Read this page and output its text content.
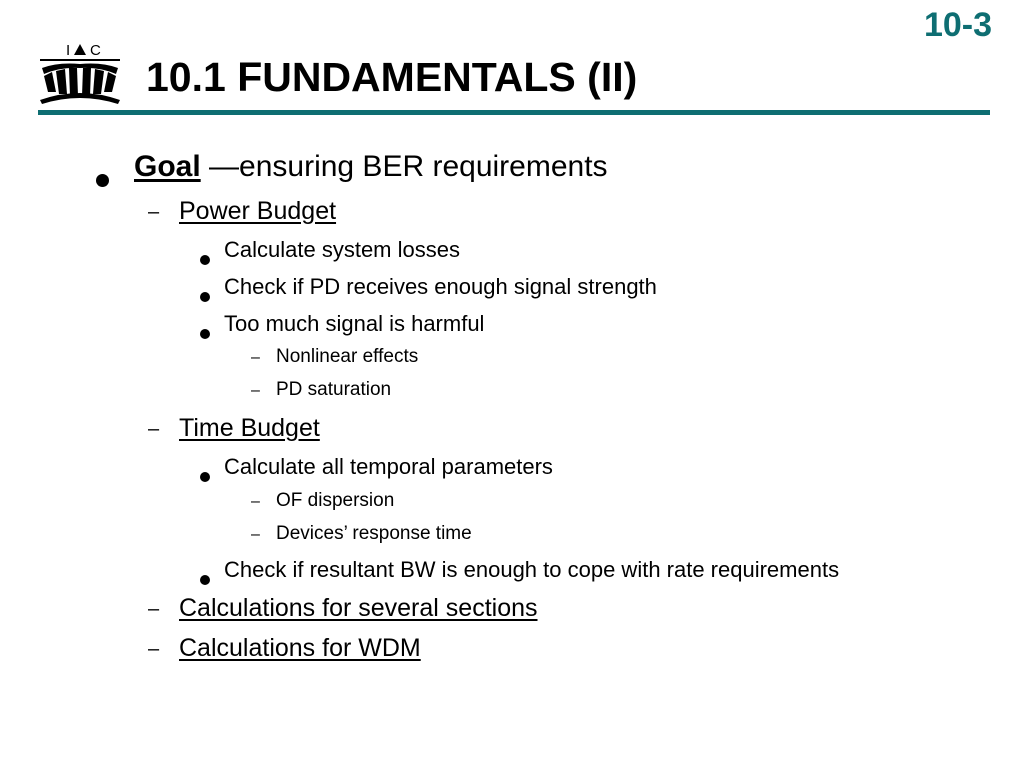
10-3
I C
10.1 FUNDAMENTALS (II)
Goal —ensuring BER requirements
– Power Budget
Calculate system losses
Check if PD receives enough signal strength
Too much signal is harmful
– Nonlinear effects
– PD saturation
– Time Budget
Calculate all temporal parameters
– OF dispersion
– Devices’ response time
Check if resultant BW is enough to cope with rate requirements
– Calculations for several sections
– Calculations for WDM
